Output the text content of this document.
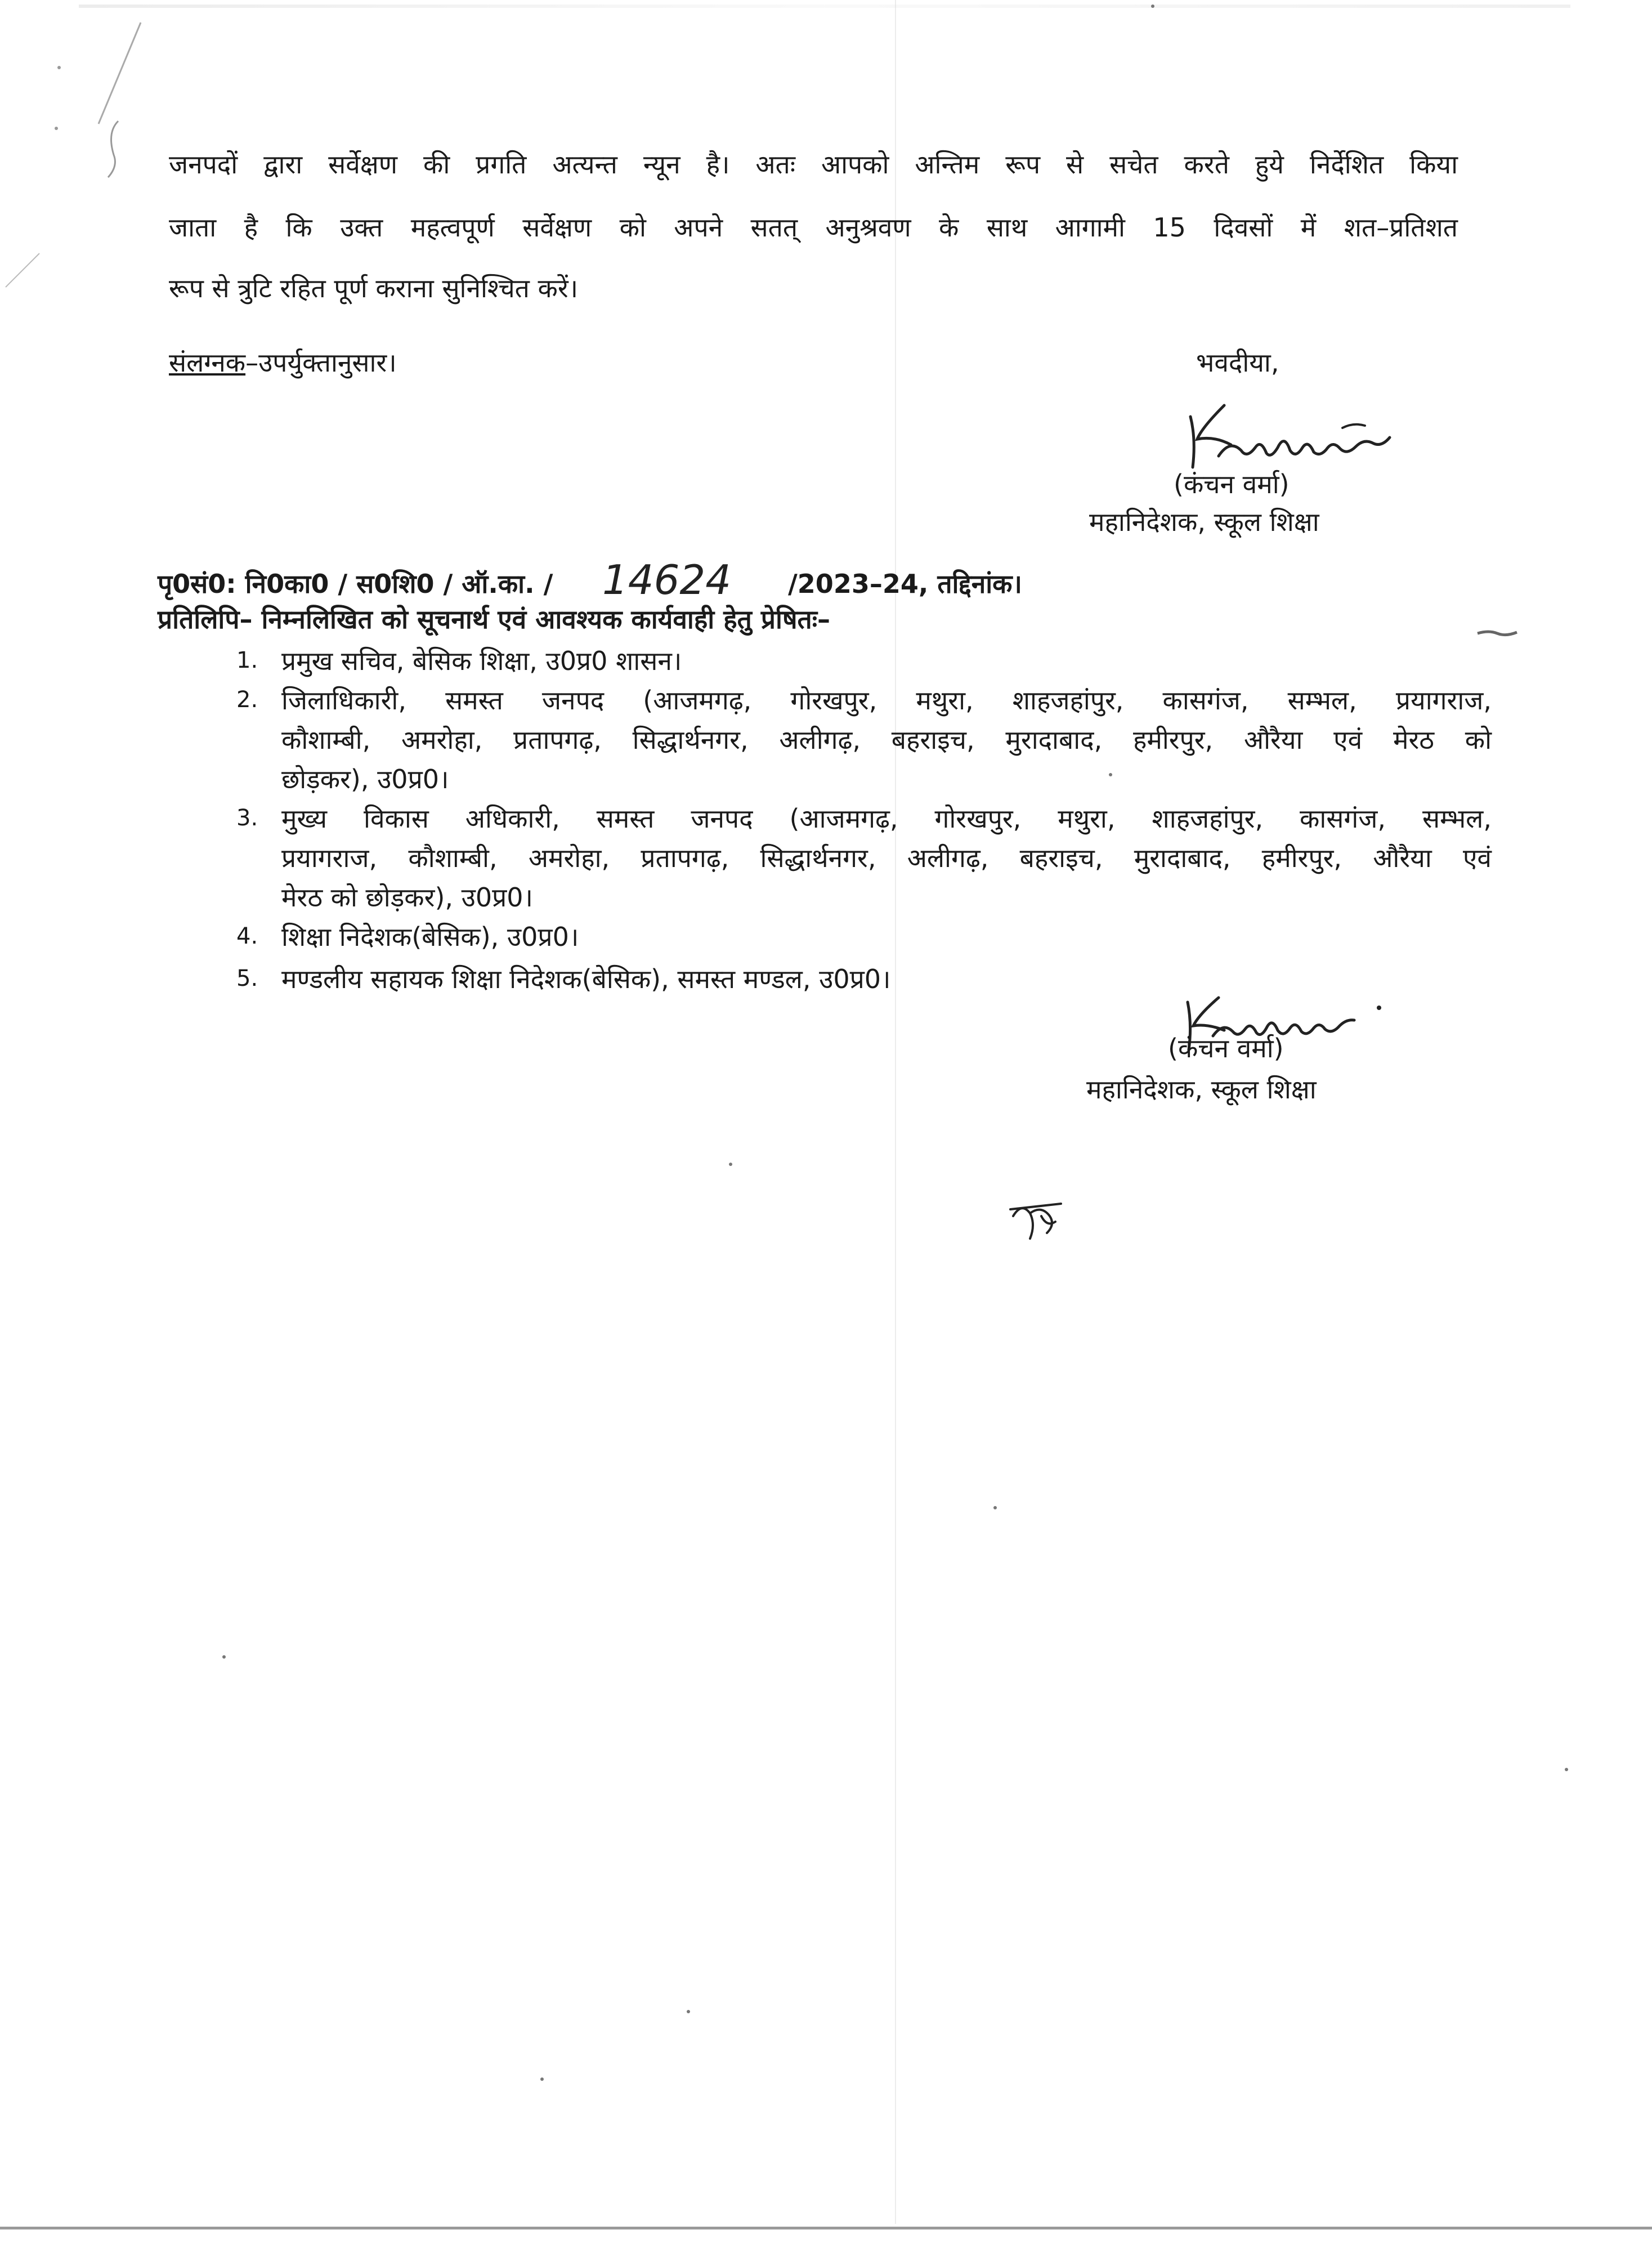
जनपदों द्वारा सर्वेक्षण की प्रगति अत्यन्त न्यून है। अतः आपको अन्तिम रूप से सचेत करते हुये निर्देशित किया
जाता है कि उक्त महत्वपूर्ण सर्वेक्षण को अपने सतत् अनुश्रवण के साथ आगामी 15 दिवसों में शत–प्रतिशत
रूप से त्रुटि रहित पूर्ण कराना सुनिश्चित करें।
संलग्नक–उपर्युक्तानुसार।	भवदीया,
(कंचन वर्मा)
महानिदेशक, स्कूल शिक्षा
पृ0सं0: नि0का0 / स0शि0 / ऑ.का. / 14624 /2023–24, तद्दिनांक।
प्रतिलिपि– निम्नलिखित को सूचनार्थ एवं आवश्यक कार्यवाही हेतु प्रेषितः–
1. प्रमुख सचिव, बेसिक शिक्षा, उ0प्र0 शासन।
2. जिलाधिकारी, समस्त जनपद (आजमगढ़, गोरखपुर, मथुरा, शाहजहांपुर, कासगंज, सम्भल, प्रयागराज,
कौशाम्बी, अमरोहा, प्रतापगढ़, सिद्धार्थनगर, अलीगढ़, बहराइच, मुरादाबाद, हमीरपुर, औरैया एवं मेरठ को
छोड़कर), उ0प्र0।
3. मुख्य विकास अधिकारी, समस्त जनपद (आजमगढ़, गोरखपुर, मथुरा, शाहजहांपुर, कासगंज, सम्भल,
प्रयागराज, कौशाम्बी, अमरोहा, प्रतापगढ़, सिद्धार्थनगर, अलीगढ़, बहराइच, मुरादाबाद, हमीरपुर, औरैया एवं
मेरठ को छोड़कर), उ0प्र0।
4. शिक्षा निदेशक(बेसिक), उ0प्र0।
5. मण्डलीय सहायक शिक्षा निदेशक(बेसिक), समस्त मण्डल, उ0प्र0।
(कंचन वर्मा)
महानिदेशक, स्कूल शिक्षा
